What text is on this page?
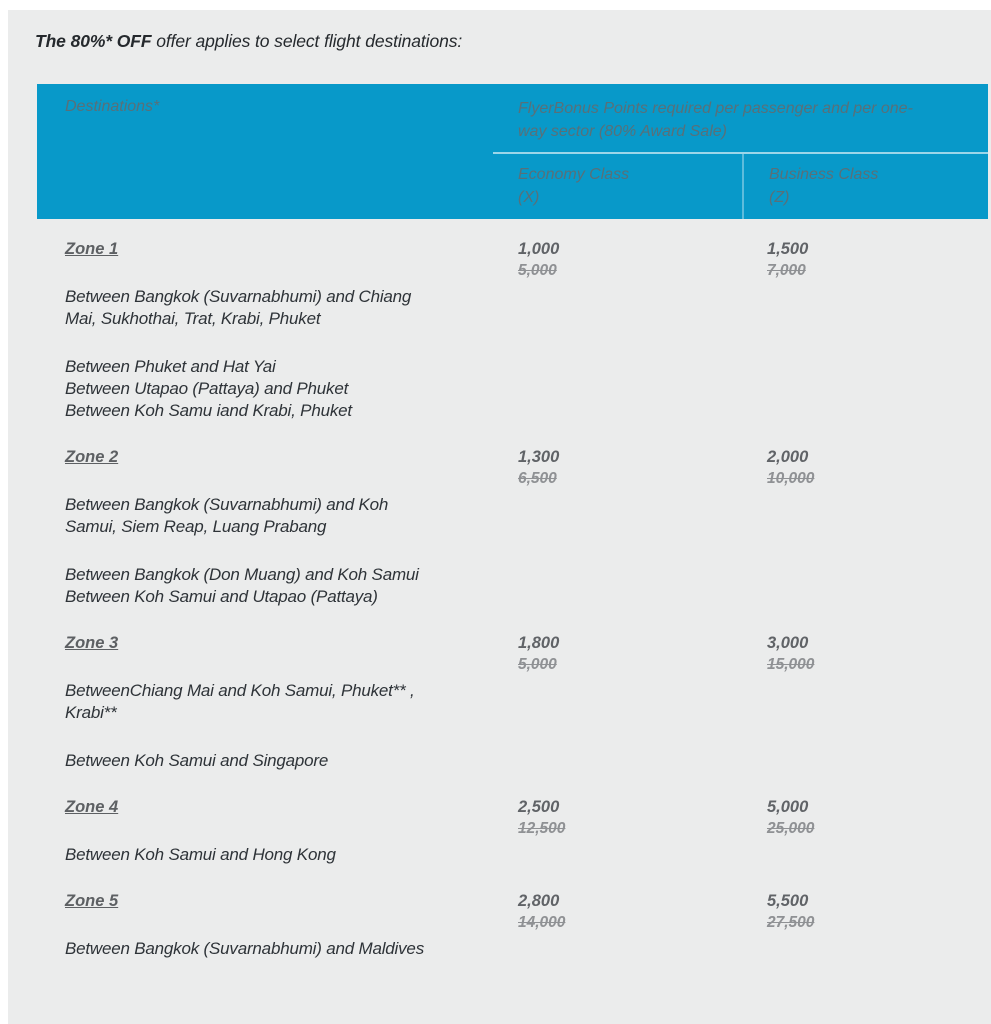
The 80%* OFF offer applies to select flight destinations:

Destinations*	FlyerBonus Points required per passenger and per one-way sector (80% Award Sale)
Economy Class
(X)
Business Class
(Z)
Zone 1
Between Bangkok (Suvarnabhumi) and Chiang
Mai, Sukhothai, Trat, Krabi, Phuket
Between Phuket and Hat Yai
Between Utapao (Pattaya) and Phuket
Between Koh Samu iand Krabi, Phuket
1,000
5,000
1,500
7,000
Zone 2
Between Bangkok (Suvarnabhumi) and Koh
Samui, Siem Reap, Luang Prabang
Between Bangkok (Don Muang) and Koh Samui
Between Koh Samui and Utapao (Pattaya)
1,300
6,500
2,000
10,000
Zone 3
BetweenChiang Mai and Koh Samui, Phuket** ,
Krabi**
Between Koh Samui and Singapore
1,800
5,000
3,000
15,000
Zone 4
Between Koh Samui and Hong Kong
2,500
12,500
5,000
25,000
Zone 5
Between Bangkok (Suvarnabhumi) and Maldives
2,800
14,000
5,500
27,500
